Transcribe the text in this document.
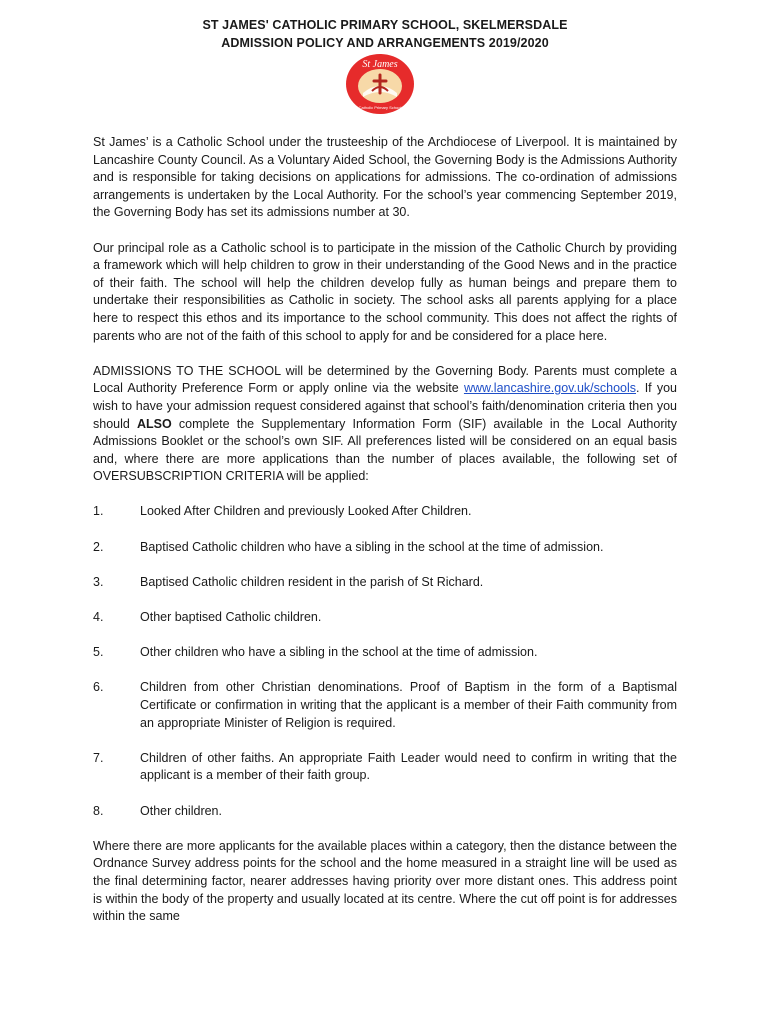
ST JAMES' CATHOLIC PRIMARY SCHOOL, SKELMERSDALE
ADMISSION POLICY AND ARRANGEMENTS 2019/2020
St James
Catholic Primary School

St James’ is a Catholic School under the trusteeship of the Archdiocese of Liverpool. It is maintained by Lancashire County Council. As a Voluntary Aided School, the Governing Body is the Admissions Authority and is responsible for taking decisions on applications for admissions. The co-ordination of admissions arrangements is undertaken by the Local Authority. For the school’s year commencing September 2019, the Governing Body has set its admissions number at 30.

Our principal role as a Catholic school is to participate in the mission of the Catholic Church by providing a framework which will help children to grow in their understanding of the Good News and in the practice of their faith. The school will help the children develop fully as human beings and prepare them to undertake their responsibilities as Catholic in society. The school asks all parents applying for a place here to respect this ethos and its importance to the school community. This does not affect the rights of parents who are not of the faith of this school to apply for and be considered for a place here.

ADMISSIONS TO THE SCHOOL will be determined by the Governing Body. Parents must complete a Local Authority Preference Form or apply online via the website www.lancashire.gov.uk/schools. If you wish to have your admission request considered against that school’s faith/denomination criteria then you should ALSO complete the Supplementary Information Form (SIF) available in the Local Authority Admissions Booklet or the school’s own SIF. All preferences listed will be considered on an equal basis and, where there are more applications than the number of places available, the following set of OVERSUBSCRIPTION CRITERIA will be applied:

1.	Looked After Children and previously Looked After Children.
2.	Baptised Catholic children who have a sibling in the school at the time of admission.
3.	Baptised Catholic children resident in the parish of St Richard.
4.	Other baptised Catholic children.
5.	Other children who have a sibling in the school at the time of admission.
6.	Children from other Christian denominations. Proof of Baptism in the form of a Baptismal Certificate or confirmation in writing that the applicant is a member of their Faith community from an appropriate Minister of Religion is required.
7.	Children of other faiths. An appropriate Faith Leader would need to confirm in writing that the applicant is a member of their faith group.
8.	Other children.

Where there are more applicants for the available places within a category, then the distance between the Ordnance Survey address points for the school and the home measured in a straight line will be used as the final determining factor, nearer addresses having priority over more distant ones. This address point is within the body of the property and usually located at its centre. Where the cut off point is for addresses within the same
